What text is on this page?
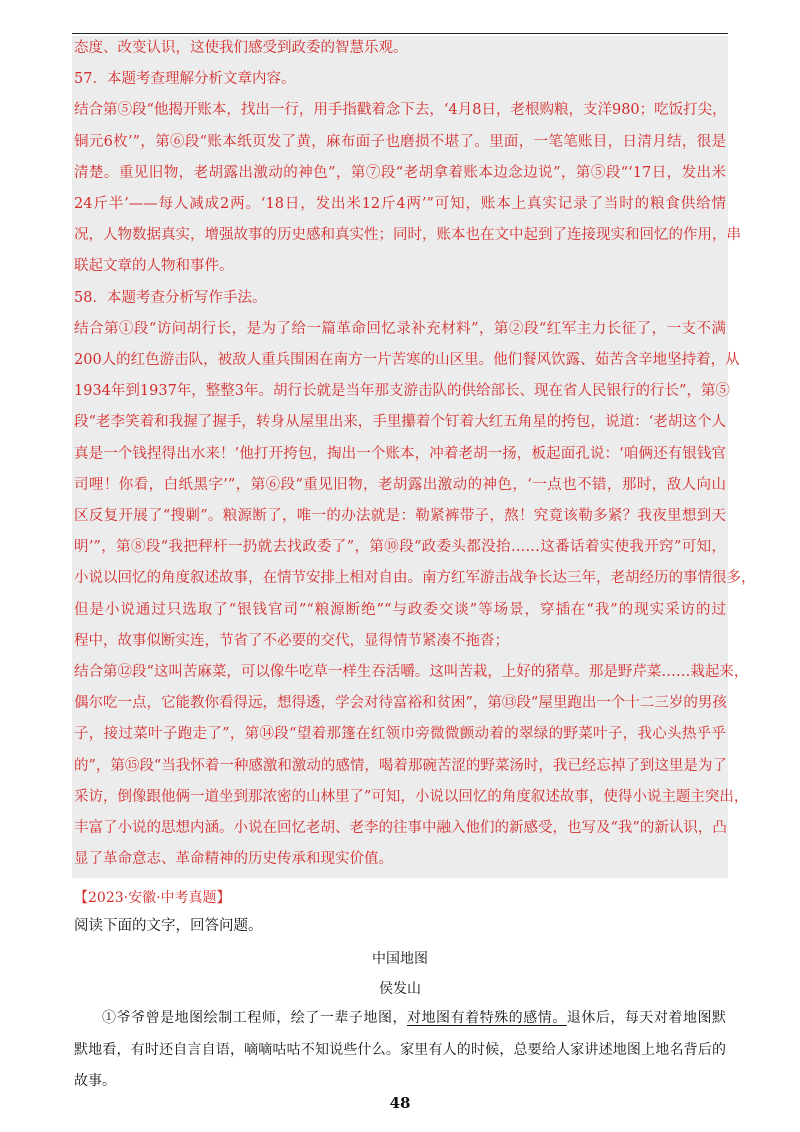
态度、改变认识，这使我们感受到政委的智慧乐观。
57．本题考查理解分析文章内容。
结合第⑤段“他揭开账本，找出一行，用手指戳着念下去，‘4月8日，老根购粮，支洋980；吃饭打尖，
铜元6枚’”，第⑥段“账本纸页发了黄，麻布面子也磨损不堪了。里面，一笔笔账目，日清月结，很是
清楚。重见旧物，老胡露出激动的神色”，第⑦段“老胡拿着账本边念边说”，第⑤段“‘17日，发出米
24斤半’——每人减成2两。‘18日，发出米12斤4两’”可知，账本上真实记录了当时的粮食供给情
况，人物数据真实，增强故事的历史感和真实性；同时，账本也在文中起到了连接现实和回忆的作用，串
联起文章的人物和事件。
58．本题考查分析写作手法。
结合第①段“访问胡行长，是为了给一篇革命回忆录补充材料”，第②段“红军主力长征了，一支不满
200人的红色游击队，被敌人重兵围困在南方一片苦寒的山区里。他们餐风饮露、茹苦含辛地坚持着，从
1934年到1937年，整整3年。胡行长就是当年那支游击队的供给部长、现在省人民银行的行长”，第⑤
段“老李笑着和我握了握手，转身从屋里出来，手里攥着个钉着大红五角星的挎包，说道：‘老胡这个人
真是一个钱捏得出水来！’他打开挎包，掏出一个账本，冲着老胡一扬，板起面孔说：‘咱俩还有银钱官
司哩！你看，白纸黑字’”，第⑥段“重见旧物，老胡露出激动的神色，‘一点也不错，那时，敌人向山
区反复开展了“搜剿”。粮源断了，唯一的办法就是：勒紧裤带子，熬！究竟该勒多紧？我夜里想到天
明’”，第⑧段“我把秤杆一扔就去找政委了”，第⑩段“政委头都没抬……这番话着实使我开窍”可知，
小说以回忆的角度叙述故事，在情节安排上相对自由。南方红军游击战争长达三年，老胡经历的事情很多，
但是小说通过只选取了“银钱官司”“粮源断绝”“与政委交谈”等场景，穿插在“我”的现实采访的过
程中，故事似断实连，节省了不必要的交代，显得情节紧凑不拖沓；
结合第⑫段“这叫苦麻菜，可以像牛吃草一样生吞活嚼。这叫苦栽，上好的猪草。那是野芹菜……栽起来，
偶尔吃一点，它能教你看得远，想得透，学会对待富裕和贫困”，第⑬段“屋里跑出一个十二三岁的男孩
子，接过菜叶子跑走了”，第⑭段“望着那篷在红领巾旁微微颤动着的翠绿的野菜叶子，我心头热乎乎
的”，第⑮段“当我怀着一种感激和激动的感情，喝着那碗苦涩的野菜汤时，我已经忘掉了到这里是为了
采访，倒像跟他俩一道坐到那浓密的山林里了”可知，小说以回忆的角度叙述故事，使得小说主题主突出，
丰富了小说的思想内涵。小说在回忆老胡、老李的往事中融入他们的新感受，也写及“我”的新认识，凸
显了革命意志、革命精神的历史传承和现实价值。
【2023·安徽·中考真题】
阅读下面的文字，回答问题。
中国地图
侯发山
①爷爷曾是地图绘制工程师，绘了一辈子地图，对地图有着特殊的感情。退休后，每天对着地图默
默地看，有时还自言自语，嘀嘀咕咕不知说些什么。家里有人的时候，总要给人家讲述地图上地名背后的
故事。
48
